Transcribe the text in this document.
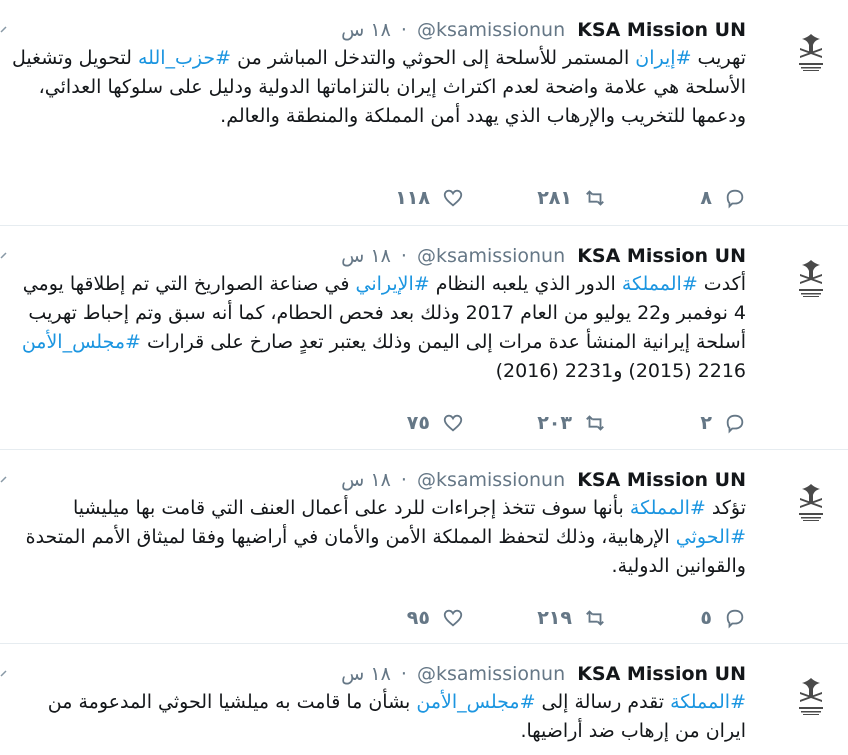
KSA Mission UN @ksamissionun · ١٨ س
تهريب #إيران المستمر للأسلحة إلى الحوثي والتدخل المباشر من #حزب_الله لتحويل وتشغيل الأسلحة هي علامة واضحة لعدم اكتراث إيران بالتزاماتها الدولية ودليل على سلوكها العدائي، ودعمها للتخريب والإرهاب الذي يهدد أمن المملكة والمنطقة والعالم.
٨
٢٨١
١١٨
KSA Mission UN @ksamissionun · ١٨ س
أكدت #المملكة الدور الذي يلعبه النظام #الإيراني في صناعة الصواريخ التي تم إطلاقها يومي 4 نوفمبر و22 يوليو من العام 2017 وذلك بعد فحص الحطام، كما أنه سبق وتم إحباط تهريب أسلحة إيرانية المنشأ عدة مرات إلى اليمن وذلك يعتبر تعدٍ صارخ على قرارات #مجلس_الأمن 2216 (2015) و2231 (2016)
٢
٢٠٣
٧٥
KSA Mission UN @ksamissionun · ١٨ س
تؤكد #المملكة بأنها سوف تتخذ إجراءات للرد على أعمال العنف التي قامت بها ميليشيا #الحوثي الإرهابية، وذلك لتحفظ المملكة الأمن والأمان في أراضيها وفقا لميثاق الأمم المتحدة والقوانين الدولية.
٥
٢١٩
٩٥
KSA Mission UN @ksamissionun · ١٨ س
#المملكة تقدم رسالة إلى #مجلس_الأمن بشأن ما قامت به ميلشيا الحوثي المدعومة من ايران من إرهاب ضد أراضيها.
